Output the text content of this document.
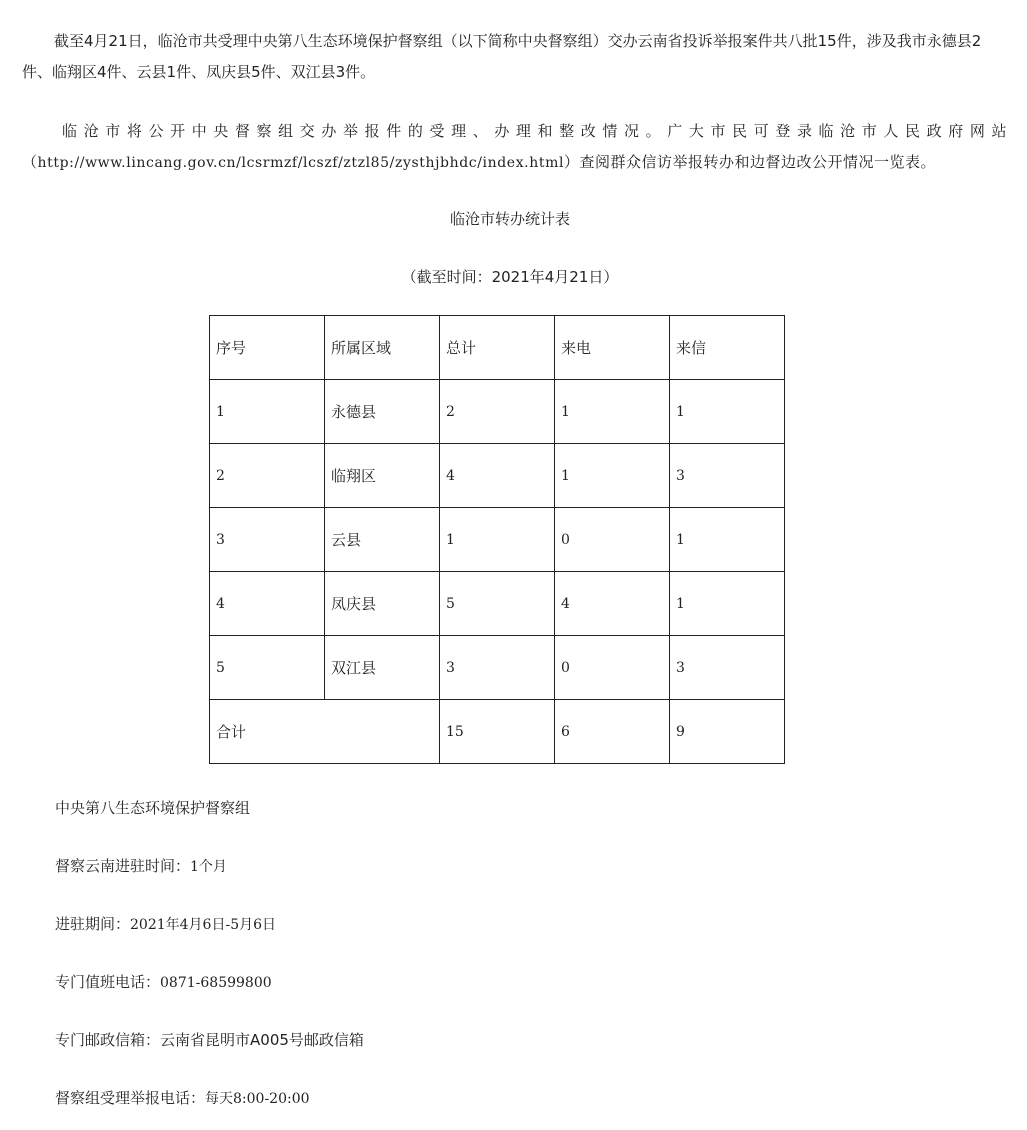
截至4月21日，临沧市共受理中央第八生态环境保护督察组（以下简称中央督察组）交办云南省投诉举报案件共八批15件，涉及我市永德县2件、临翔区4件、云县1件、凤庆县5件、双江县3件。

临沧市将公开中央督察组交办举报件的受理、办理和整改情况。广大市民可登录临沧市人民政府网站（http://www.lincang.gov.cn/lcsrmzf/lcszf/ztzl85/zysthjbhdc/index.html）查阅群众信访举报转办和边督边改公开情况一览表。

临沧市转办统计表
（截至时间：2021年4月21日）
序号	所属区域	总计	来电	来信
1	永德县	2	1	1
2	临翔区	4	1	3
3	云县	1	0	1
4	凤庆县	5	4	1
5	双江县	3	0	3
合计		15	6	9

中央第八生态环境保护督察组

督察云南进驻时间：1个月

进驻期间：2021年4月6日-5月6日

专门值班电话：0871-68599800

专门邮政信箱：云南省昆明市A005号邮政信箱

督察组受理举报电话：每天8:00-20:00
